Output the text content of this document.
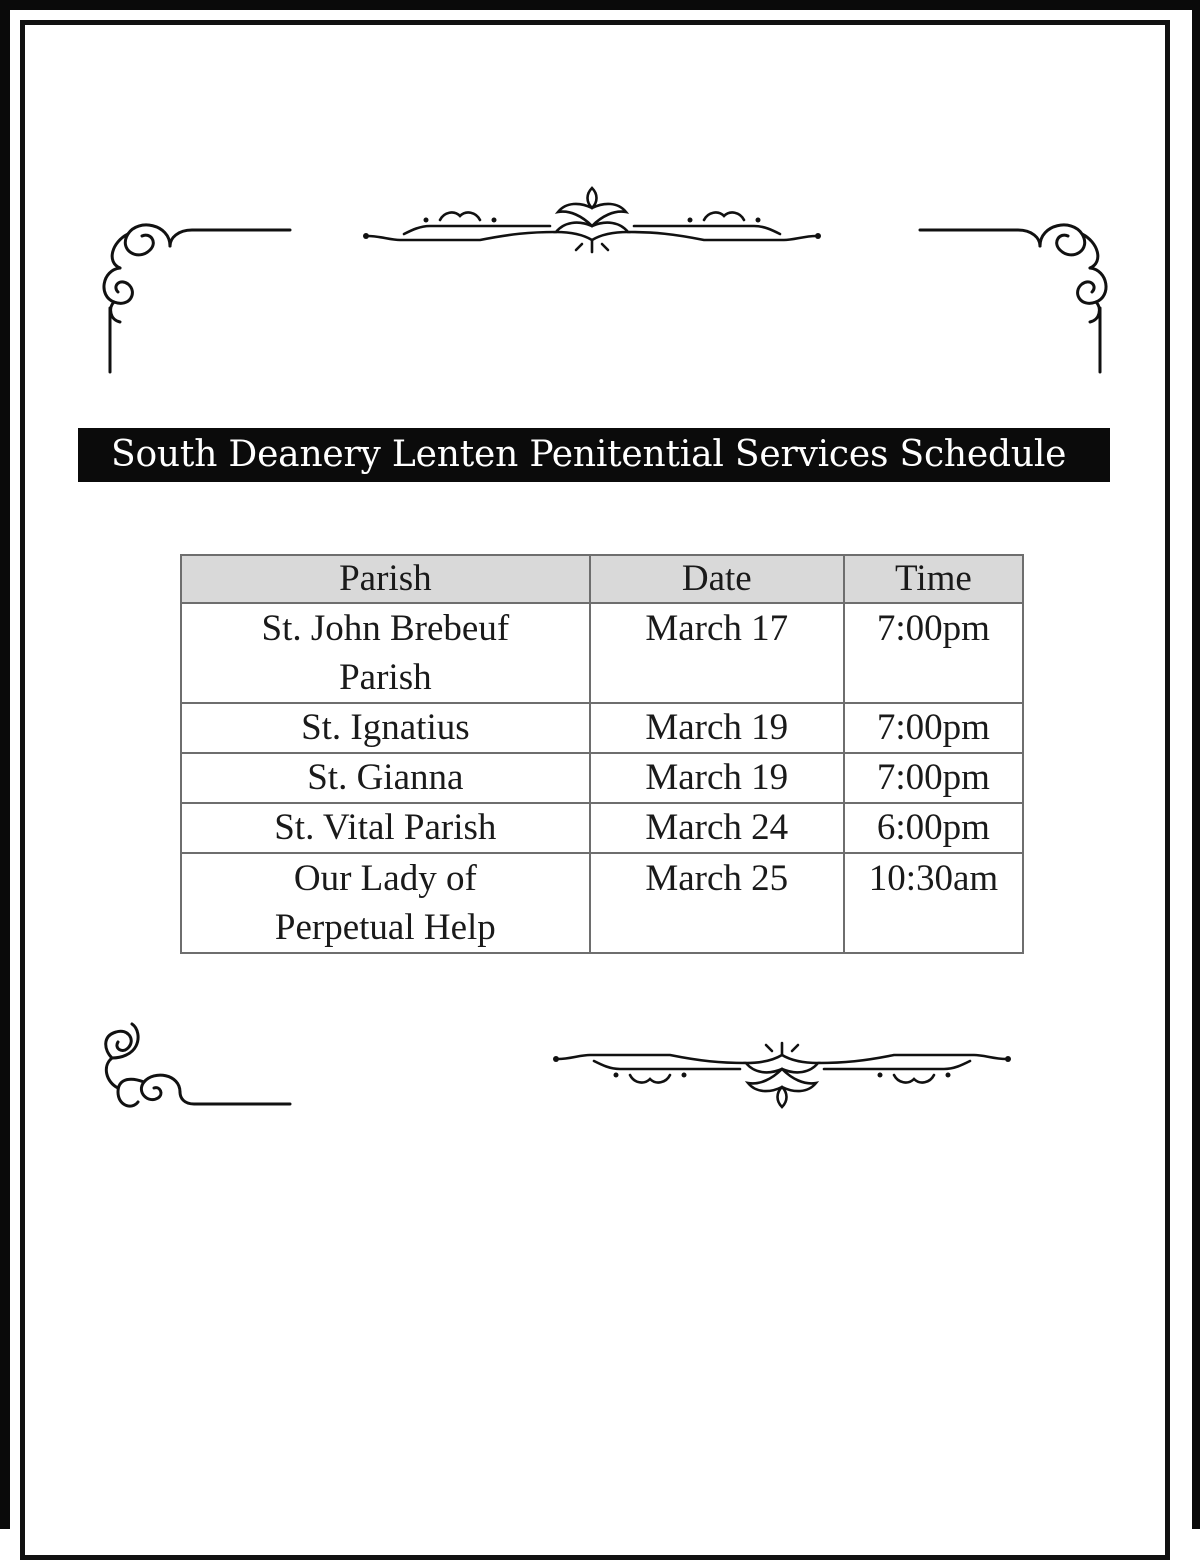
South Deanery Lenten Penitential Services Schedule
Parish	Date	Time

St. John Brebeuf Parish	March 17	7:00pm

St. Ignatius	March 19	7:00pm
St. Gianna	March 19	7:00pm
St. Vital Parish	March 24	6:00pm

Our Lady of Perpetual Help	March 25	10:30am
